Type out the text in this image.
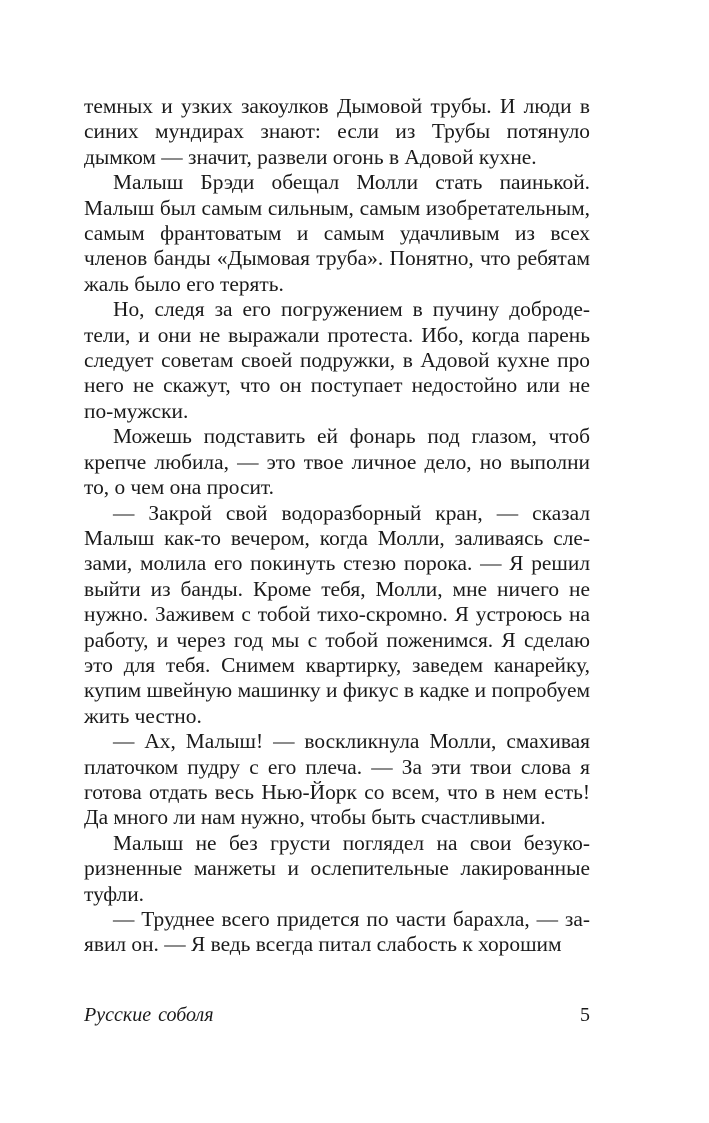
темных и узких закоулков Дымовой трубы. И люди в синих мундирах знают: если из Трубы потянуло дымком — значит, развели огонь в Адовой кухне.

Малыш Брэди обещал Молли стать паинькой. Малыш был самым сильным, самым изобретательным, самым франтоватым и самым удачливым из всех членов банды «Дымовая труба». Понятно, что ребятам жаль было его терять.

Но, следя за его погружением в пучину добродетели, и они не выражали протеста. Ибо, когда парень следует советам своей подружки, в Адовой кухне про него не скажут, что он поступает недостойно или не по-мужски.

Можешь подставить ей фонарь под глазом, чтоб крепче любила, — это твое личное дело, но выполни то, о чем она просит.

— Закрой свой водоразборный кран, — сказал Малыш как-то вечером, когда Молли, заливаясь слезами, молила его покинуть стезю порока. — Я решил выйти из банды. Кроме тебя, Молли, мне ничего не нужно. Заживем с тобой тихо-скромно. Я устроюсь на работу, и через год мы с тобой поженимся. Я сделаю это для тебя. Снимем квартирку, заведем канарейку, купим швейную машинку и фикус в кадке и попробуем жить честно.

— Ах, Малыш! — воскликнула Молли, смахивая платочком пудру с его плеча. — За эти твои слова я готова отдать весь Нью-Йорк со всем, что в нем есть! Да много ли нам нужно, чтобы быть счастливыми.

Малыш не без грусти поглядел на свои безукоризненные манжеты и ослепительные лакированные туфли.

— Труднее всего придется по части барахла, — заявил он. — Я ведь всегда питал слабость к хорошим

Русские соболя	5
